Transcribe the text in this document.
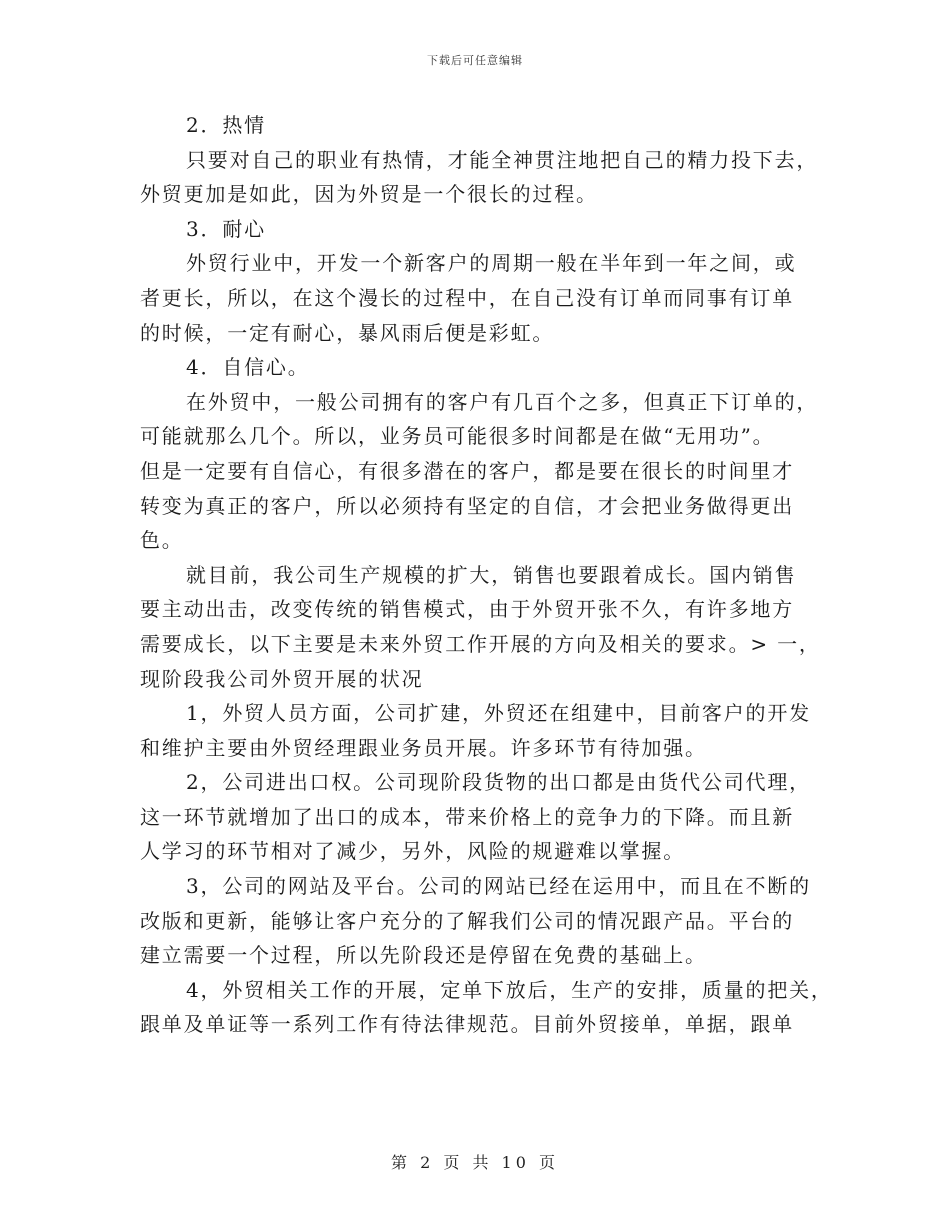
下载后可任意编辑
2．热情
只要对自己的职业有热情，才能全神贯注地把自己的精力投下去，
外贸更加是如此，因为外贸是一个很长的过程。
3．耐心
外贸行业中，开发一个新客户的周期一般在半年到一年之间，或
者更长，所以，在这个漫长的过程中，在自己没有订单而同事有订单
的时候，一定有耐心，暴风雨后便是彩虹。
4．自信心。
在外贸中，一般公司拥有的客户有几百个之多，但真正下订单的，
可能就那么几个。所以，业务员可能很多时间都是在做“无用功”。
但是一定要有自信心，有很多潜在的客户，都是要在很长的时间里才
转变为真正的客户，所以必须持有坚定的自信，才会把业务做得更出
色。
就目前，我公司生产规模的扩大，销售也要跟着成长。国内销售
要主动出击，改变传统的销售模式，由于外贸开张不久，有许多地方
需要成长，以下主要是未来外贸工作开展的方向及相关的要求。> 一，
现阶段我公司外贸开展的状况
1，外贸人员方面，公司扩建，外贸还在组建中，目前客户的开发
和维护主要由外贸经理跟业务员开展。许多环节有待加强。
2，公司进出口权。公司现阶段货物的出口都是由货代公司代理，
这一环节就增加了出口的成本，带来价格上的竞争力的下降。而且新
人学习的环节相对了减少，另外，风险的规避难以掌握。
3，公司的网站及平台。公司的网站已经在运用中，而且在不断的
改版和更新，能够让客户充分的了解我们公司的情况跟产品。平台的
建立需要一个过程，所以先阶段还是停留在免费的基础上。
4，外贸相关工作的开展，定单下放后，生产的安排，质量的把关，
跟单及单证等一系列工作有待法律规范。目前外贸接单，单据，跟单
第 2 页 共 10 页
